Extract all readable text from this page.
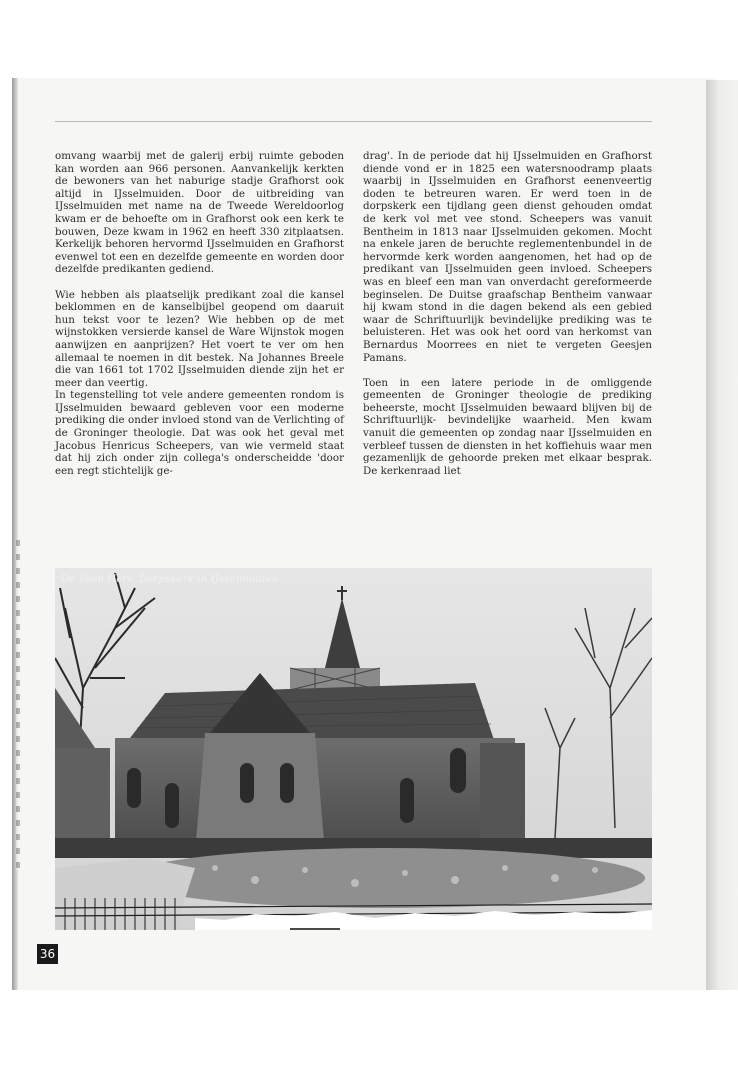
omvang waarbij met de galerij erbij ruimte geboden kan worden aan 966 personen. Aanvankelijk kerkten de bewoners van het naburige stadje Grafhorst ook altijd in IJsselmuiden. Door de uitbreiding van IJsselmuiden met name na de Tweede Wereldoorlog kwam er de behoefte om in Grafhorst ook een kerk te bouwen, Deze kwam in 1962 en heeft 330 zitplaatsen. Kerkelijk behoren hervormd IJsselmuiden en Grafhorst evenwel tot een en dezelfde gemeente en worden door dezelfde predikanten gediend.

Wie hebben als plaatselijk predikant zoal die kansel beklommen en de kanselbijbel geopend om daaruit hun tekst voor te lezen? Wie hebben op de met wijnstokken versierde kansel de Ware Wijnstok mogen aanwijzen en aanprijzen? Het voert te ver om hen allemaal te noemen in dit bestek. Na Johannes Breele die van 1661 tot 1702 IJsselmuiden diende zijn het er meer dan veertig.

In tegenstelling tot vele andere gemeenten rondom is IJsselmuiden bewaard gebleven voor een moderne prediking die onder invloed stond van de Verlichting of de Groninger theologie. Dat was ook het geval met Jacobus Henricus Scheepers, van wie vermeld staat dat hij zich onder zijn collega's onderscheidde 'door een regt stichtelijk ge-

drag'. In de periode dat hij IJsselmuiden en Grafhorst diende vond er in 1825 een watersnoodramp plaats waarbij in IJsselmuiden en Grafhorst eenenveertig doden te betreuren waren. Er werd toen in de dorpskerk een tijdlang geen dienst gehouden omdat de kerk vol met vee stond. Scheepers was vanuit Bentheim in 1813 naar IJsselmuiden gekomen. Mocht na enkele jaren de beruchte reglementenbundel in de hervormde kerk worden aangenomen, het had op de predikant van IJsselmuiden geen invloed. Scheepers was en bleef een man van onverdacht gereformeerde beginselen. De Duitse graafschap Bentheim vanwaar hij kwam stond in die dagen bekend als een gebied waar de Schriftuurlijk bevindelijke prediking was te beluisteren. Het was ook het oord van herkomst van Bernardus Moorrees en niet te vergeten Geesjen Pamans.

Toen in een latere periode in de omliggende gemeenten de Groninger theologie de prediking beheerste, mocht IJsselmuiden bewaard blijven bij de Schriftuurlijk- bevindelijke waarheid. Men kwam vanuit die gemeenten op zondag naar IJsselmuiden en verbleef tussen de diensten in het koffiehuis waar men gezamenlijk de gehoorde preken met elkaar besprak. De kerkenraad liet

De Veen Herv. Dorpskerk in IJsselmuiden
36
